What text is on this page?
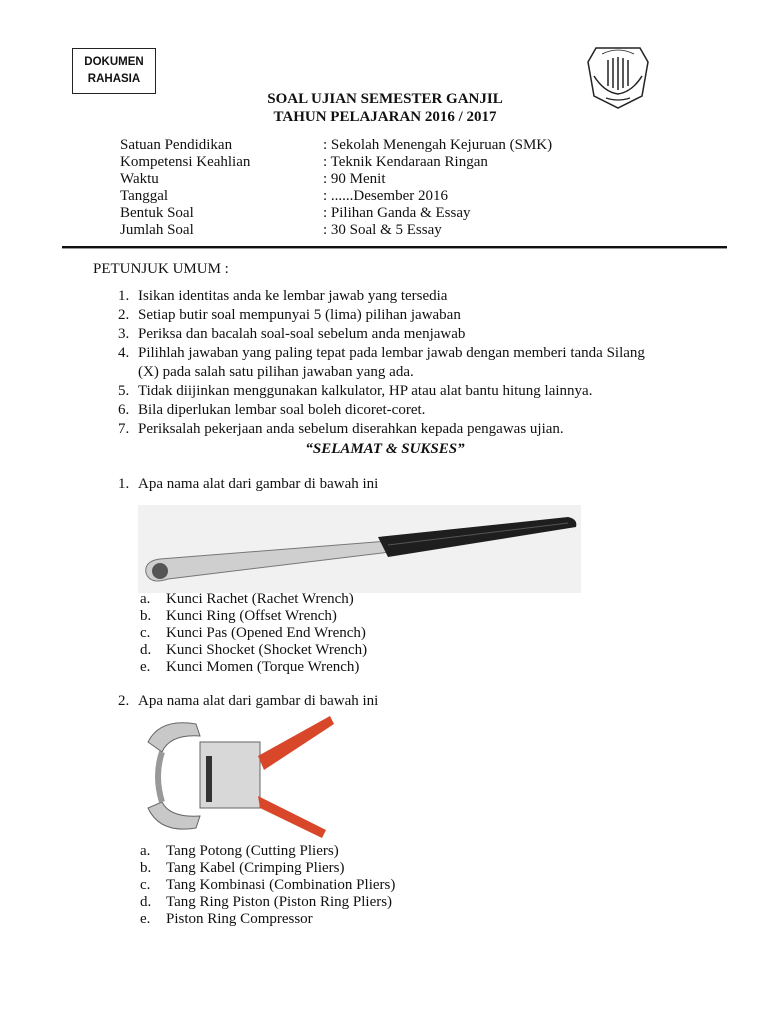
DOKUMEN
RAHASIA
SOAL UJIAN SEMESTER GANJIL
TAHUN PELAJARAN 2016 / 2017
Satuan Pendidikan	: Sekolah Menengah Kejuruan (SMK)
Kompetensi Keahlian	: Teknik Kendaraan Ringan
Waktu	: 90 Menit
Tanggal	: ......Desember 2016
Bentuk Soal	: Pilihan Ganda & Essay
Jumlah Soal	: 30 Soal & 5 Essay
PETUNJUK UMUM :
1. Isikan identitas anda ke lembar jawab yang tersedia
2. Setiap butir soal mempunyai 5 (lima) pilihan jawaban
3. Periksa dan bacalah soal-soal sebelum anda menjawab
4. Pilihlah jawaban yang paling tepat pada lembar jawab dengan memberi tanda Silang
(X) pada salah satu pilihan jawaban yang ada.
5. Tidak diijinkan menggunakan kalkulator, HP atau alat bantu hitung lainnya.
6. Bila diperlukan lembar soal boleh dicoret-coret.
7. Periksalah pekerjaan anda sebelum diserahkan kepada pengawas ujian.
“SELAMAT & SUKSES”
1. Apa nama alat dari gambar di bawah ini
a. Kunci Rachet (Rachet Wrench)
b. Kunci Ring (Offset Wrench)
c. Kunci Pas (Opened End Wrench)
d. Kunci Shocket (Shocket Wrench)
e. Kunci Momen (Torque Wrench)
2. Apa nama alat dari gambar di bawah ini
a. Tang Potong (Cutting Pliers)
b. Tang Kabel (Crimping Pliers)
c. Tang Kombinasi (Combination Pliers)
d. Tang Ring Piston (Piston Ring Pliers)
e. Piston Ring Compressor
